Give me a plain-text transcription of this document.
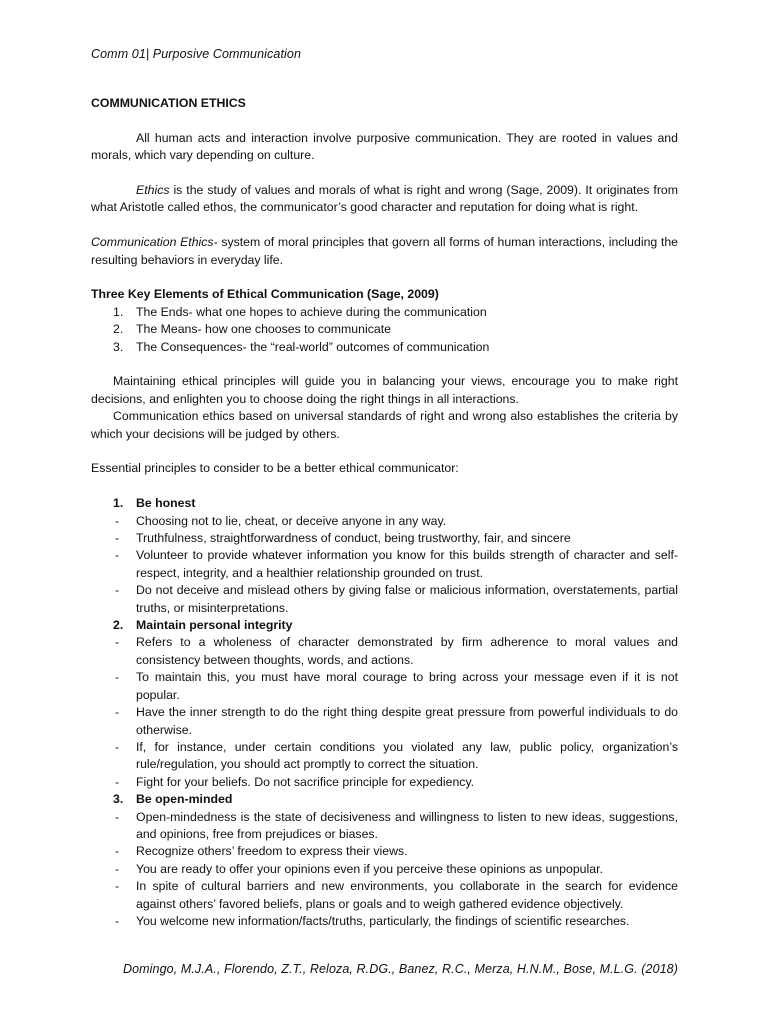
Comm 01| Purposive Communication

COMMUNICATION ETHICS

All human acts and interaction involve purposive communication. They are rooted in values and morals, which vary depending on culture.

Ethics is the study of values and morals of what is right and wrong (Sage, 2009). It originates from what Aristotle called ethos, the communicator’s good character and reputation for doing what is right.

Communication Ethics- system of moral principles that govern all forms of human interactions, including the resulting behaviors in everyday life.

Three Key Elements of Ethical Communication (Sage, 2009)

1.	The Ends- what one hopes to achieve during the communication
2.	The Means- how one chooses to communicate
3.	The Consequences- the “real-world” outcomes of communication

Maintaining ethical principles will guide you in balancing your views, encourage you to make right decisions, and enlighten you to choose doing the right things in all interactions.

Communication ethics based on universal standards of right and wrong also establishes the criteria by which your decisions will be judged by others.

Essential principles to consider to be a better ethical communicator:

1.	Be honest
-	Choosing not to lie, cheat, or deceive anyone in any way.
-	Truthfulness, straightforwardness of conduct, being trustworthy, fair, and sincere
-	Volunteer to provide whatever information you know for this builds strength of character and self-respect, integrity, and a healthier relationship grounded on trust.
-	Do not deceive and mislead others by giving false or malicious information, overstatements, partial truths, or misinterpretations.
2.	Maintain personal integrity
-	Refers to a wholeness of character demonstrated by firm adherence to moral values and consistency between thoughts, words, and actions.
-	To maintain this, you must have moral courage to bring across your message even if it is not popular.
-	Have the inner strength to do the right thing despite great pressure from powerful individuals to do otherwise.
-	If, for instance, under certain conditions you violated any law, public policy, organization’s rule/regulation, you should act promptly to correct the situation.
-	Fight for your beliefs. Do not sacrifice principle for expediency.
3.	Be open-minded
-	Open-mindedness is the state of decisiveness and willingness to listen to new ideas, suggestions, and opinions, free from prejudices or biases.
-	Recognize others’ freedom to express their views.
-	You are ready to offer your opinions even if you perceive these opinions as unpopular.
-	In spite of cultural barriers and new environments, you collaborate in the search for evidence against others’ favored beliefs, plans or goals and to weigh gathered evidence objectively.
-	You welcome new information/facts/truths, particularly, the findings of scientific researches.
Domingo, M.J.A., Florendo, Z.T., Reloza, R.DG., Banez, R.C., Merza, H.N.M., Bose, M.L.G. (2018)
